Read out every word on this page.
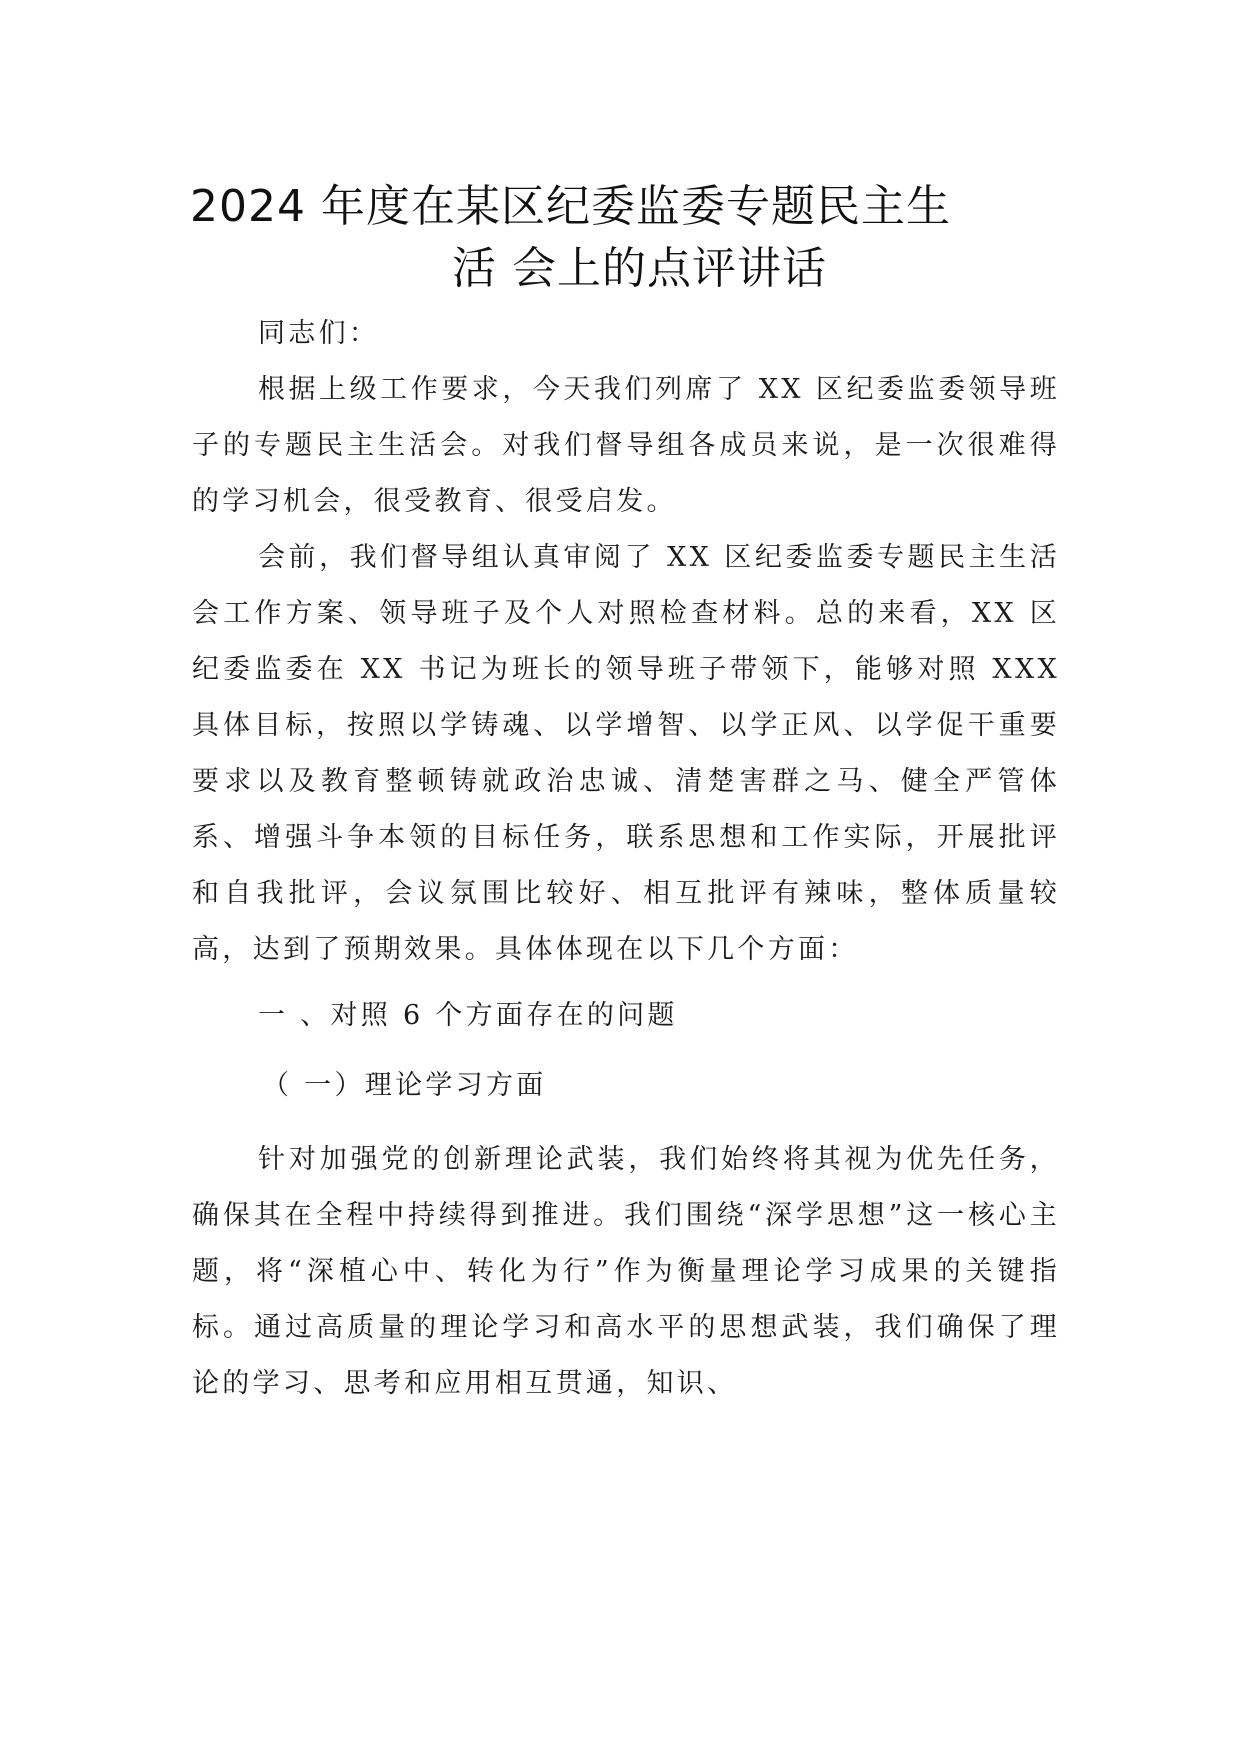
2024 年度在某区纪委监委专题民主生
活 会上的点评讲话

同志们：

根据上级工作要求，今天我们列席了 XX 区纪委监委领导班子的专题民主生活会。对我们督导组各成员来说，是一次很难得的学习机会，很受教育、很受启发。

会前，我们督导组认真审阅了 XX 区纪委监委专题民主生活会工作方案、领导班子及个人对照检查材料。总的来看，XX 区纪委监委在 XX 书记为班长的领导班子带领下，能够对照 XXX 具体目标，按照以学铸魂、以学增智、以学正风、以学促干重要要求以及教育整顿铸就政治忠诚、清楚害群之马、健全严管体系、增强斗争本领的目标任务，联系思想和工作实际，开展批评和自我批评，会议氛围比较好、相互批评有辣味，整体质量较高，达到了预期效果。具体体现在以下几个方面：

一 、对照 6 个方面存在的问题

（ 一）理论学习方面

针对加强党的创新理论武装，我们始终将其视为优先任务，确保其在全程中持续得到推进。我们围绕“深学思想”这一核心主题，将“深植心中、转化为行”作为衡量理论学习成果的关键指标。通过高质量的理论学习和高水平的思想武装，我们确保了理论的学习、思考和应用相互贯通，知识、
